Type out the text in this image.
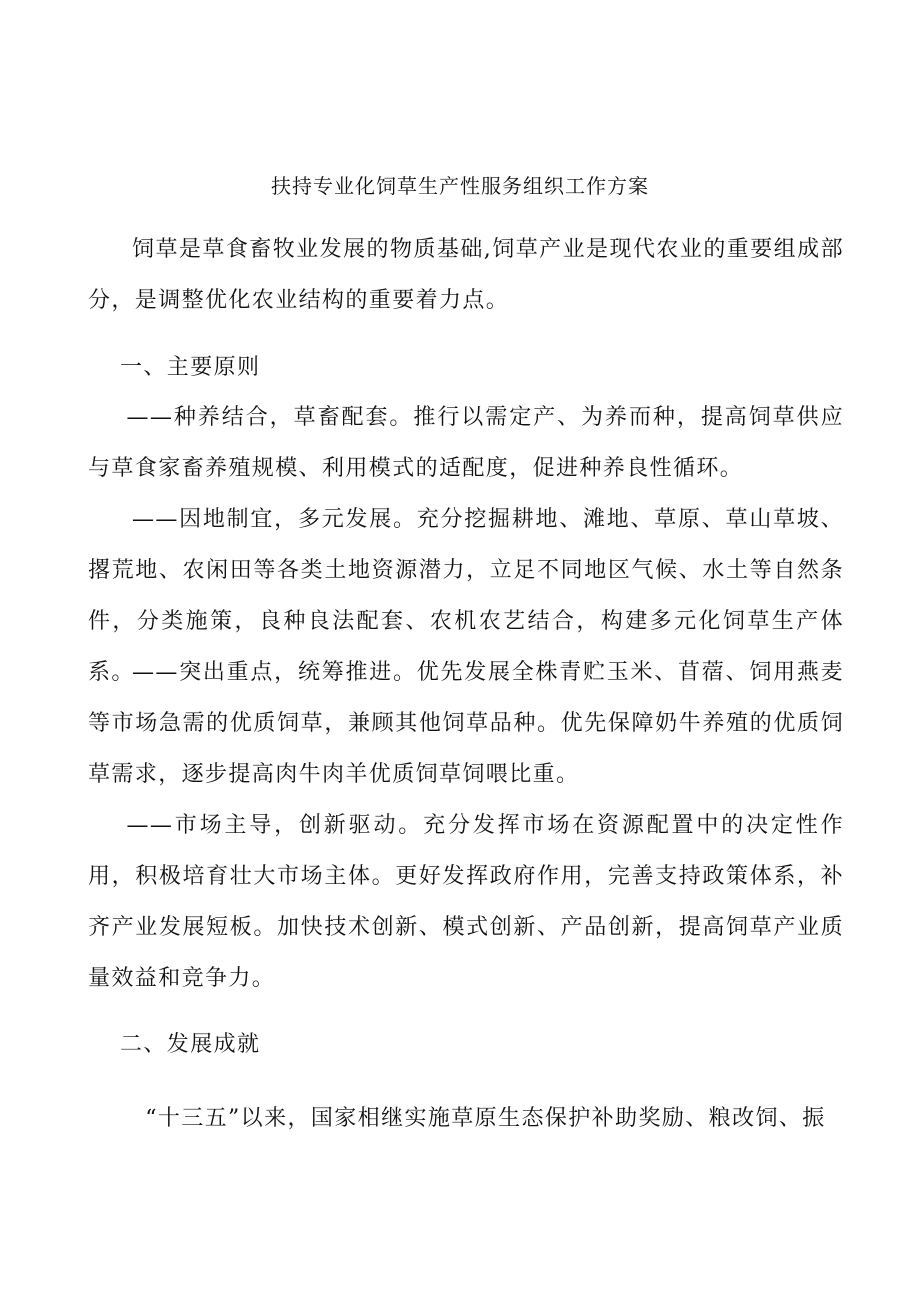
扶持专业化饲草生产性服务组织工作方案

饲草是草食畜牧业发展的物质基础,饲草产业是现代农业的重要组成部分，是调整优化农业结构的重要着力点。

一、主要原则

——种养结合，草畜配套。推行以需定产、为养而种，提高饲草供应与草食家畜养殖规模、利用模式的适配度，促进种养良性循环。

——因地制宜，多元发展。充分挖掘耕地、滩地、草原、草山草坡、撂荒地、农闲田等各类土地资源潜力，立足不同地区气候、水土等自然条件，分类施策，良种良法配套、农机农艺结合，构建多元化饲草生产体系。

——突出重点，统筹推进。优先发展全株青贮玉米、苜蓿、饲用燕麦等市场急需的优质饲草，兼顾其他饲草品种。优先保障奶牛养殖的优质饲草需求，逐步提高肉牛肉羊优质饲草饲喂比重。

——市场主导，创新驱动。充分发挥市场在资源配置中的决定性作用，积极培育壮大市场主体。更好发挥政府作用，完善支持政策体系，补齐产业发展短板。加快技术创新、模式创新、产品创新，提高饲草产业质量效益和竞争力。

二、发展成就

“十三五”以来，国家相继实施草原生态保护补助奖励、粮改饲、振
